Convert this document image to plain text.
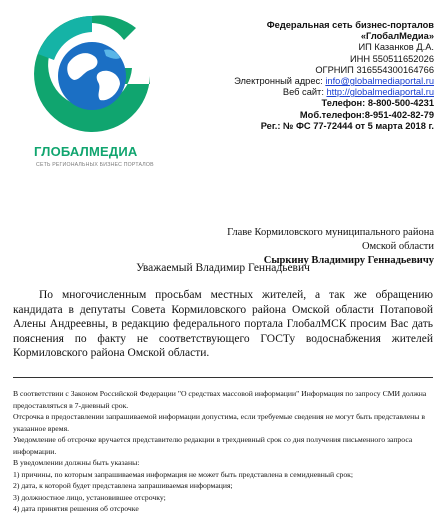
ГЛОБАЛМЕДИА
СЕТЬ РЕГИОНАЛЬНЫХ БИЗНЕС ПОРТАЛОВ
Федеральная сеть бизнес-порталов
«ГлобалМедиа»
ИП Казанков Д.А.
ИНН 550511652026
ОГРНИП 316554300164766
Электронный адрес: info@globalmediaportal.ru
Веб сайт: http://globalmediaportal.ru
Телефон: 8-800-500-4231
Моб.телефон:8-951-402-82-79
Рег.: № ФС 77-72444 от 5 марта 2018 г.
Главе Кормиловского муниципального района
Омской области
Сыркину Владимиру Геннадьевичу
Уважаемый Владимир Геннадьевич
По многочисленным просьбам местных жителей, а так же обращению кандидата в депутаты Совета Кормиловского района Омской области Потаповой Алены Андреевны, в редакцию федерального портала ГлобалМСК просим Вас дать пояснения по факту не соответствующего ГОСТу водоснабжения жителей Кормиловского района Омской области.

В соответствии с Законом Российской Федерации "О средствах массовой информации" Информация по запросу СМИ должна предоставляться в 7-дневный срок.

Отсрочка в предоставлении запрашиваемой информации допустима, если требуемые сведения не могут быть представлены в указанное время.

Уведомление об отсрочке вручается представителю редакции в трехдневный срок со дня получения письменного запроса информации.

В уведомлении должны быть указаны:

1) причины, по которым запрашиваемая информация не может быть представлена в семидневный срок;

2) дата, к которой будет представлена запрашиваемая информация;

3) должностное лицо, установившее отсрочку;

4) дата принятия решения об отсрочке
